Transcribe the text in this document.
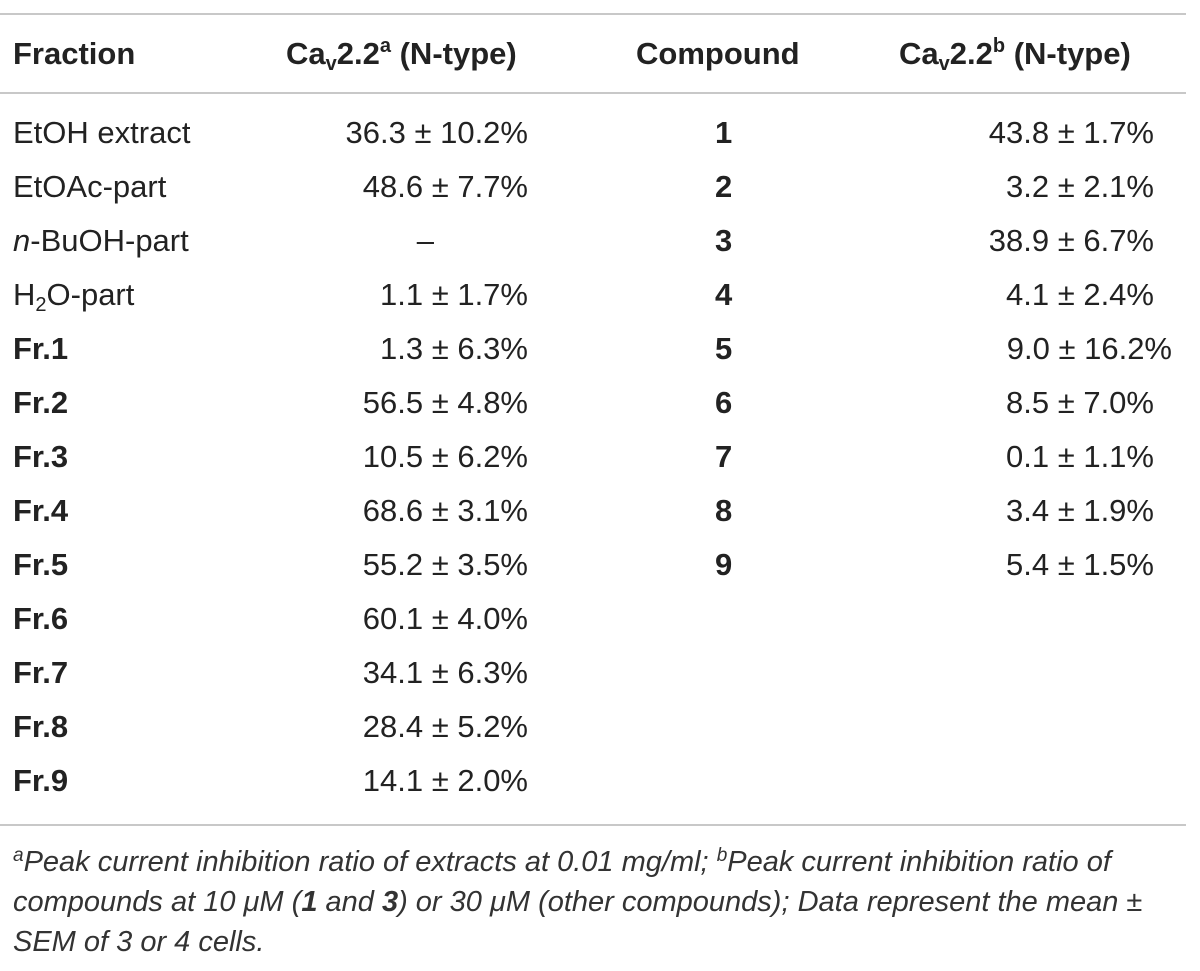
Fraction	$Ca_v2.2^a$ (N-type)	Compound	$Ca_v2.2^b$ (N-type)
EtOH extract	36.3 ± 10.2%	1	43.8 ± 1.7%
EtOAc-part	48.6 ± 7.7%	2	3.2 ± 2.1%
n-BuOH-part	–	3	38.9 ± 6.7%
$H_2O$-part	1.1 ± 1.7%	4	4.1 ± 2.4%
Fr.1	1.3 ± 6.3%	5	9.0 ± 16.2%
Fr.2	56.5 ± 4.8%	6	8.5 ± 7.0%
Fr.3	10.5 ± 6.2%	7	0.1 ± 1.1%
Fr.4	68.6 ± 3.1%	8	3.4 ± 1.9%
Fr.5	55.2 ± 3.5%	9	5.4 ± 1.5%
Fr.6	60.1 ± 4.0%
Fr.7	34.1 ± 6.3%
Fr.8	28.4 ± 5.2%
Fr.9	14.1 ± 2.0%
$^a$Peak current inhibition ratio of extracts at 0.01 mg/ml; $^b$Peak current inhibition ratio of compounds at 10 μM (1 and 3) or 30 μM (other compounds); Data represent the mean ± SEM of 3 or 4 cells.
